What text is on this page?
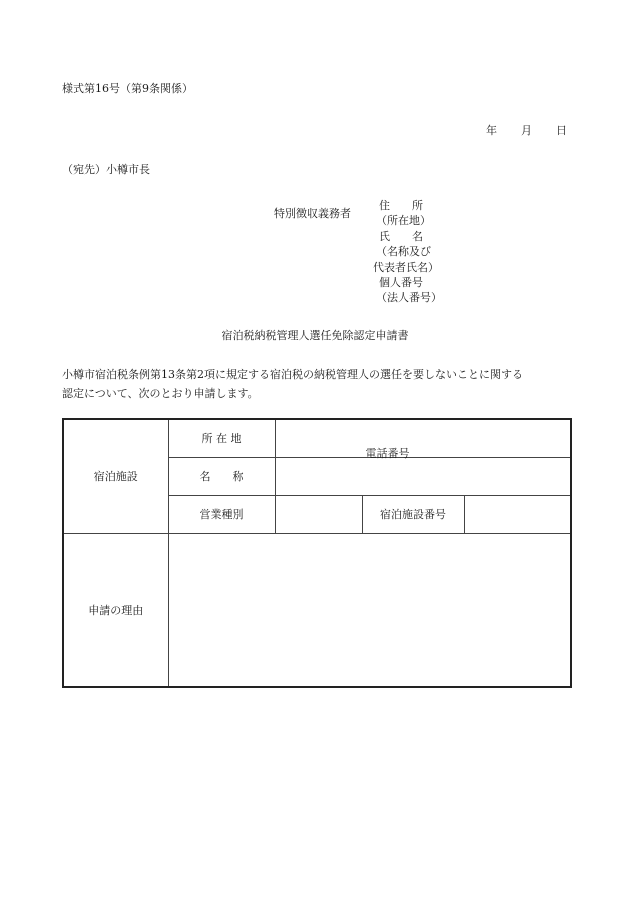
様式第16号（第9条関係）
年 月 日
（宛先）小樽市長
特別徴収義務者
住　　所
（所在地）
氏　　名
（名称及び
代表者氏名）
個人番号
（法人番号）
宿泊税納税管理人選任免除認定申請書
小樽市宿泊税条例第13条第2項に規定する宿泊税の納税管理人の選任を要しないことに関する
認定について、次のとおり申請します。
宿泊施設	所 在 地	電話番号		

	名　　称			
	営業種別		宿泊施設番号	
申請の理由				
